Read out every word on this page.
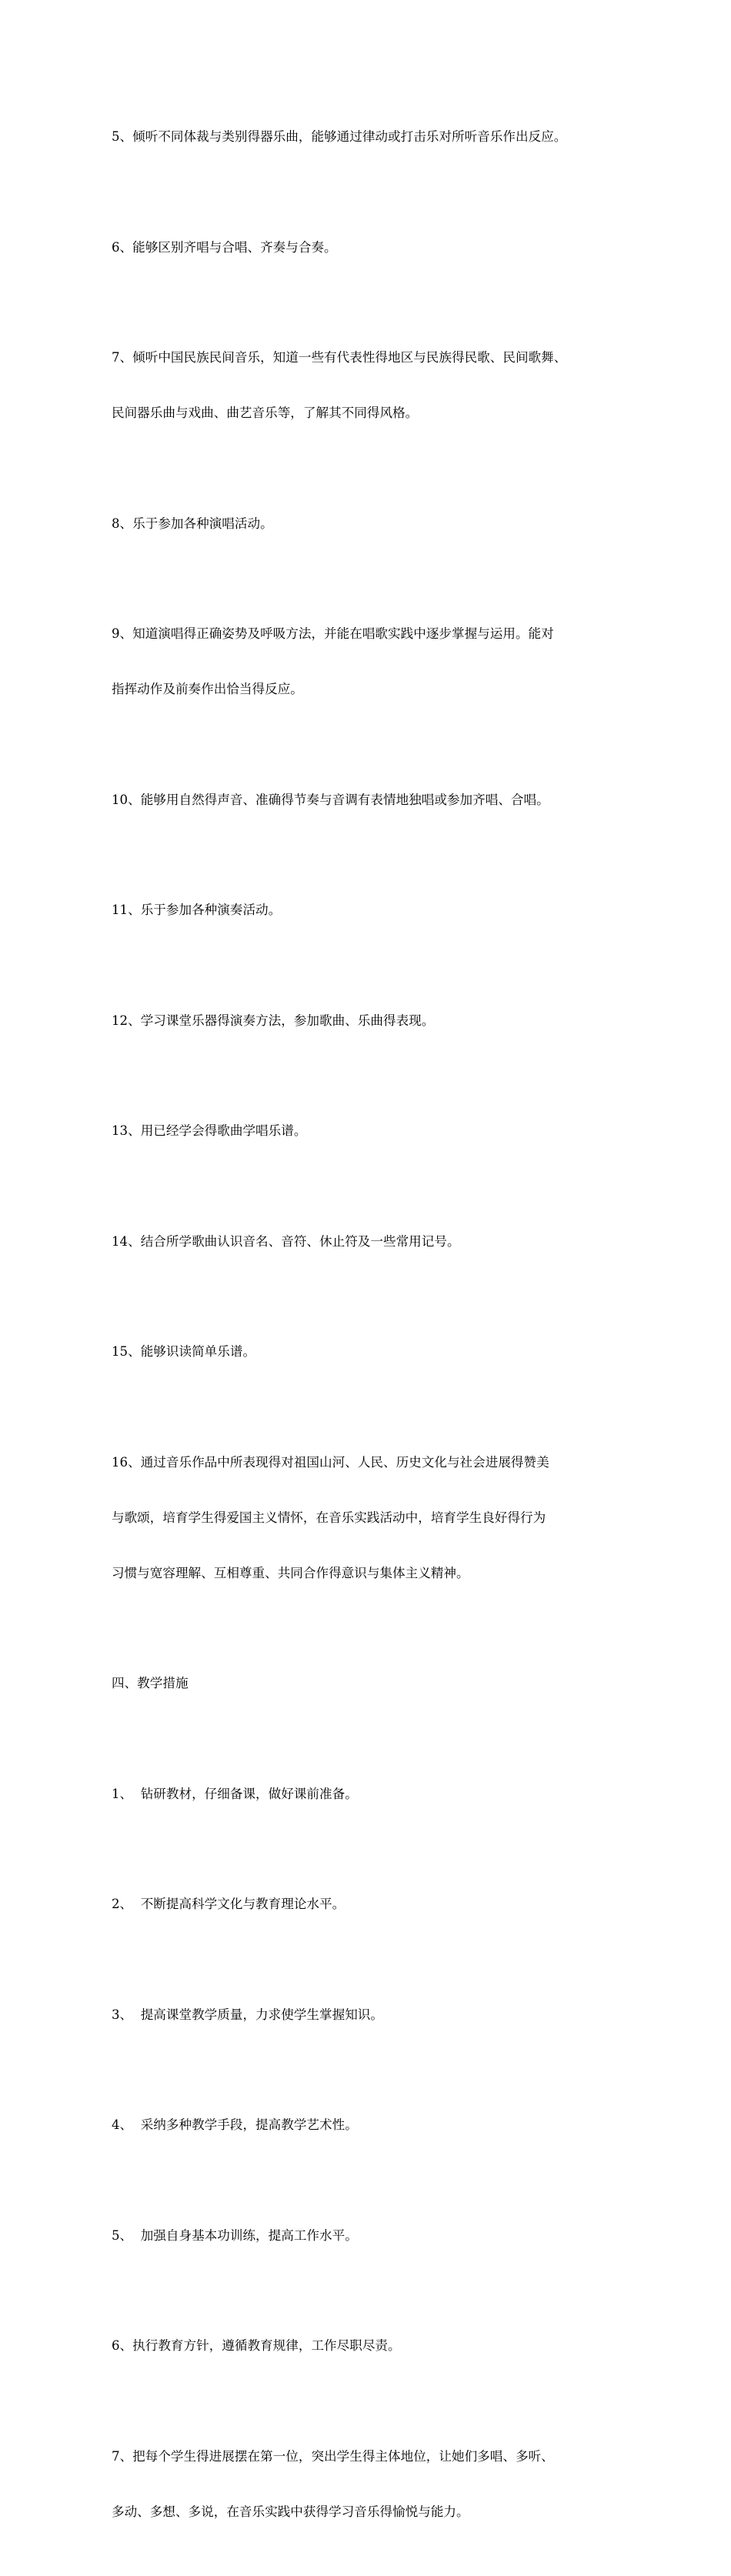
5、倾听不同体裁与类别得器乐曲，能够通过律动或打击乐对所听音乐作出反应。

6、能够区别齐唱与合唱、齐奏与合奏。

7、倾听中国民族民间音乐，知道一些有代表性得地区与民族得民歌、民间歌舞、

民间器乐曲与戏曲、曲艺音乐等，了解其不同得风格。

8、乐于参加各种演唱活动。

9、知道演唱得正确姿势及呼吸方法，并能在唱歌实践中逐步掌握与运用。能对

指挥动作及前奏作出恰当得反应。

10、能够用自然得声音、准确得节奏与音调有表情地独唱或参加齐唱、合唱。

11、乐于参加各种演奏活动。

12、学习课堂乐器得演奏方法，参加歌曲、乐曲得表现。

13、用已经学会得歌曲学唱乐谱。

14、结合所学歌曲认识音名、音符、休止符及一些常用记号。

15、能够识读简单乐谱。

16、通过音乐作品中所表现得对祖国山河、人民、历史文化与社会进展得赞美

与歌颂，培育学生得爱国主义情怀，在音乐实践活动中，培育学生良好得行为

习惯与宽容理解、互相尊重、共同合作得意识与集体主义精神。

四、教学措施

1、  钻研教材，仔细备课，做好课前准备。

2、  不断提高科学文化与教育理论水平。

3、  提高课堂教学质量，力求使学生掌握知识。

4、  采纳多种教学手段，提高教学艺术性。

5、  加强自身基本功训练，提高工作水平。

6、执行教育方针，遵循教育规律，工作尽职尽责。

7、把每个学生得进展摆在第一位，突出学生得主体地位，让她们多唱、多听、

多动、多想、多说，在音乐实践中获得学习音乐得愉悦与能力。
